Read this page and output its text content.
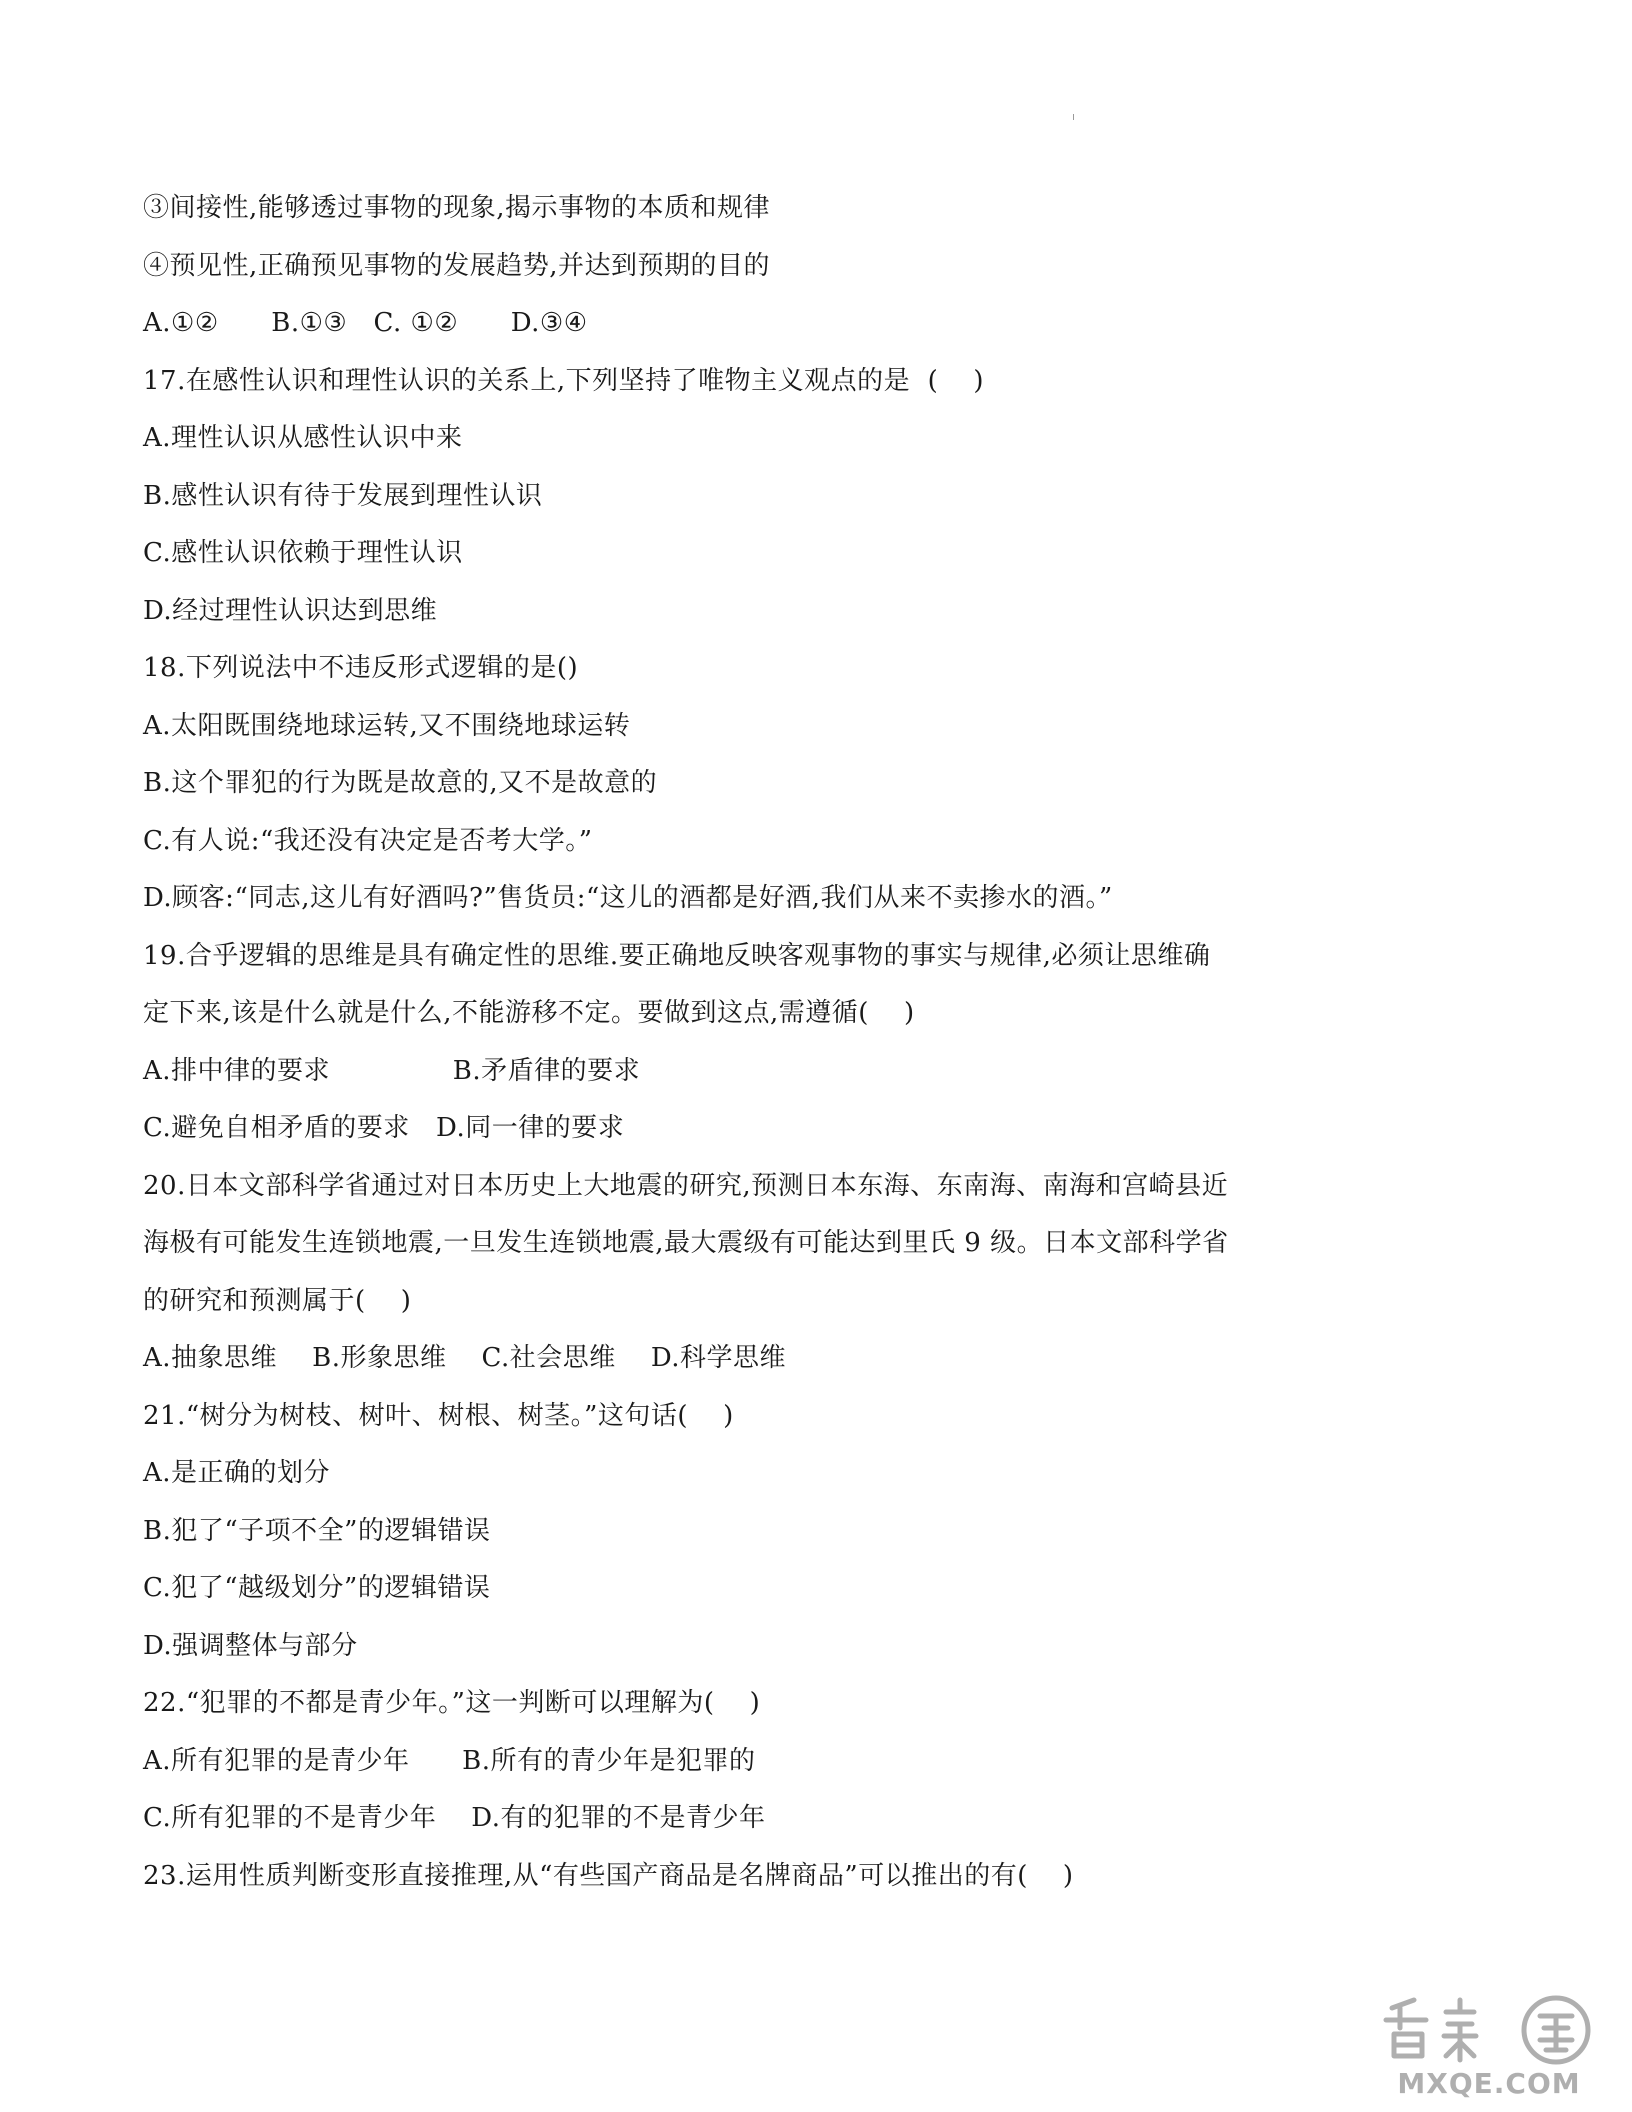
③间接性,能够透过事物的现象,揭示事物的本质和规律
④预见性,正确预见事物的发展趋势,并达到预期的目的
A.①②      B.①③   C. ①②      D.③④
17.在感性认识和理性认识的关系上,下列坚持了唯物主义观点的是  (    )
A.理性认识从感性认识中来
B.感性认识有待于发展到理性认识
C.感性认识依赖于理性认识
D.经过理性认识达到思维
18.下列说法中不违反形式逻辑的是()
A.太阳既围绕地球运转,又不围绕地球运转
B.这个罪犯的行为既是故意的,又不是故意的
C.有人说:“我还没有决定是否考大学。”
D.顾客:“同志,这儿有好酒吗?”售货员:“这儿的酒都是好酒,我们从来不卖掺水的酒。”
19.合乎逻辑的思维是具有确定性的思维.要正确地反映客观事物的事实与规律,必须让思维确
定下来,该是什么就是什么,不能游移不定。要做到这点,需遵循(    )
A.排中律的要求              B.矛盾律的要求
C.避免自相矛盾的要求   D.同一律的要求
20.日本文部科学省通过对日本历史上大地震的研究,预测日本东海、东南海、南海和宫崎县近
海极有可能发生连锁地震,一旦发生连锁地震,最大震级有可能达到里氏 9 级。日本文部科学省
的研究和预测属于(    )
A.抽象思维    B.形象思维    C.社会思维    D.科学思维
21.“树分为树枝、树叶、树根、树茎。”这句话(    )
A.是正确的划分
B.犯了“子项不全”的逻辑错误
C.犯了“越级划分”的逻辑错误
D.强调整体与部分
22.“犯罪的不都是青少年。”这一判断可以理解为(    )
A.所有犯罪的是青少年      B.所有的青少年是犯罪的
C.所有犯罪的不是青少年    D.有的犯罪的不是青少年
23.运用性质判断变形直接推理,从“有些国产商品是名牌商品”可以推出的有(    )
MXQE.COM
